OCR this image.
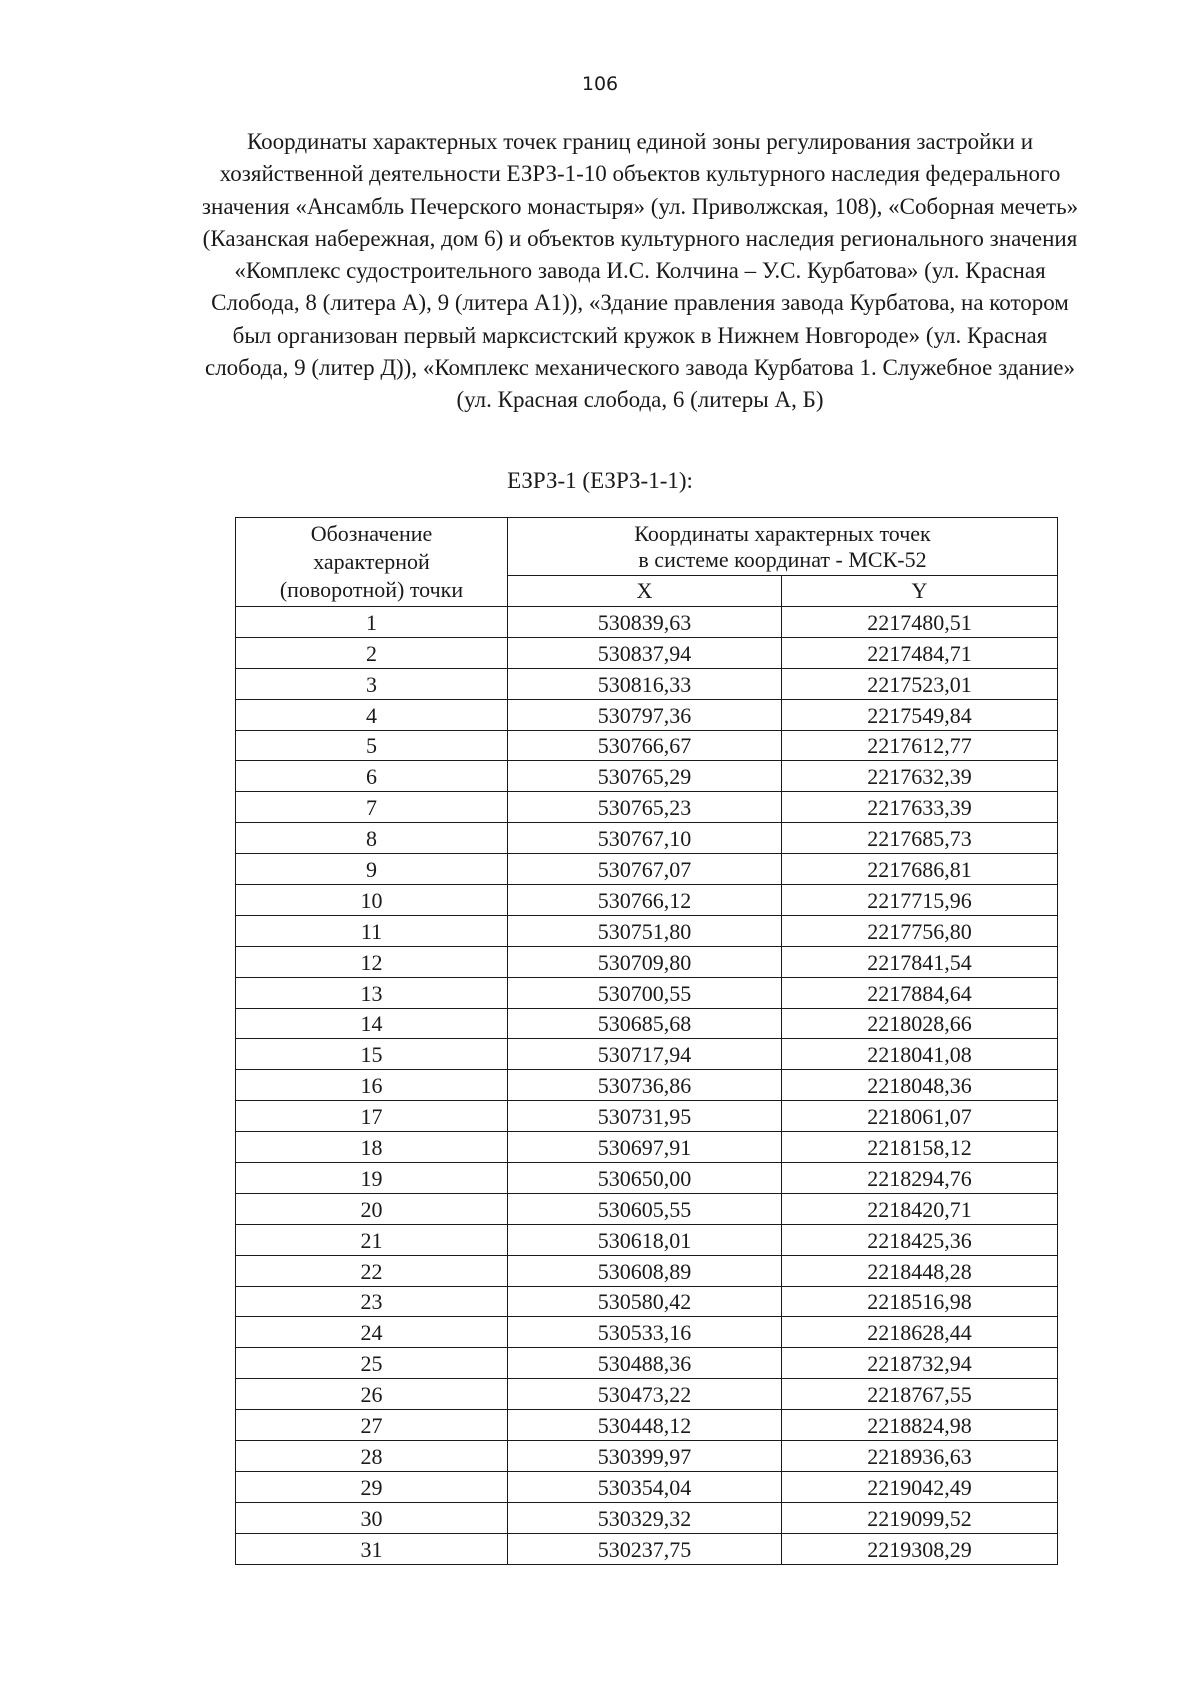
106
Координаты характерных точек границ единой зоны регулирования застройки и
хозяйственной деятельности ЕЗРЗ-1-10 объектов культурного наследия федерального
значения «Ансамбль Печерского монастыря» (ул. Приволжская, 108), «Соборная мечеть»
(Казанская набережная, дом 6) и объектов культурного наследия регионального значения
«Комплекс судостроительного завода И.С. Колчина – У.С. Курбатова» (ул. Красная
Слобода, 8 (литера А), 9 (литера А1)), «Здание правления завода Курбатова, на котором
был организован первый марксистский кружок в Нижнем Новгороде» (ул. Красная
слобода, 9 (литер Д)), «Комплекс механического завода Курбатова 1. Служебное здание»
(ул. Красная слобода, 6 (литеры А, Б)
ЕЗРЗ-1 (ЕЗРЗ-1-1):
Обозначение
характерной
(поворотной) точки	Координаты характерных точек
в системе координат - МСК-52	
	X	Y
1	530839,63	2217480,51
2	530837,94	2217484,71
3	530816,33	2217523,01
4	530797,36	2217549,84
5	530766,67	2217612,77
6	530765,29	2217632,39
7	530765,23	2217633,39
8	530767,10	2217685,73
9	530767,07	2217686,81
10	530766,12	2217715,96
11	530751,80	2217756,80
12	530709,80	2217841,54
13	530700,55	2217884,64
14	530685,68	2218028,66
15	530717,94	2218041,08
16	530736,86	2218048,36
17	530731,95	2218061,07
18	530697,91	2218158,12
19	530650,00	2218294,76
20	530605,55	2218420,71
21	530618,01	2218425,36
22	530608,89	2218448,28
23	530580,42	2218516,98
24	530533,16	2218628,44
25	530488,36	2218732,94
26	530473,22	2218767,55
27	530448,12	2218824,98
28	530399,97	2218936,63
29	530354,04	2219042,49
30	530329,32	2219099,52
31	530237,75	2219308,29
